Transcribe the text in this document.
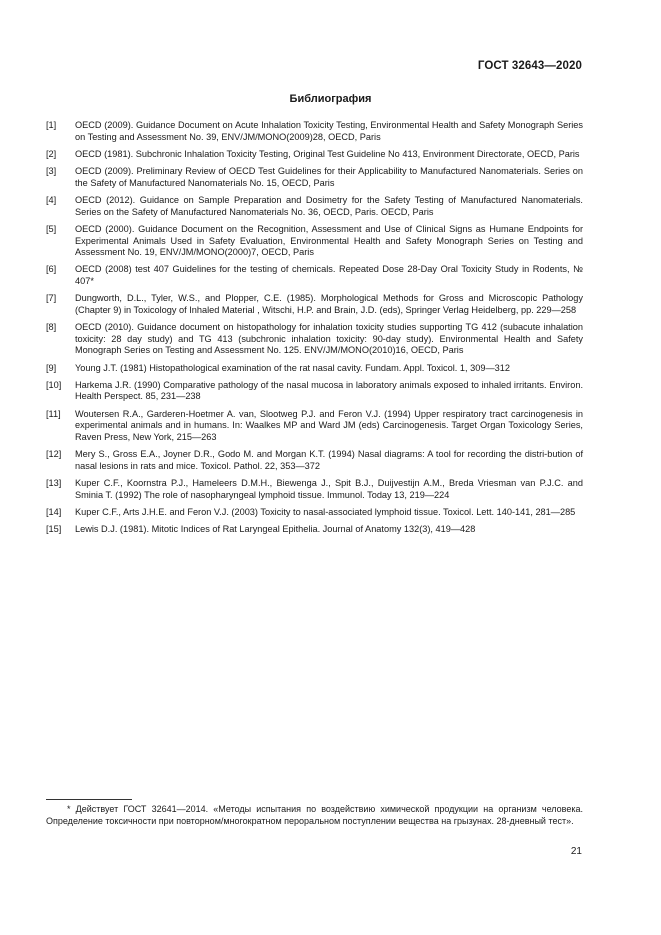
ГОСТ 32643—2020
Библиография
[1] OECD (2009). Guidance Document on Acute Inhalation Toxicity Testing, Environmental Health and Safety Monograph Series on Testing and Assessment No. 39, ENV/JM/MONO(2009)28, OECD, Paris
[2] OECD (1981). Subchronic Inhalation Toxicity Testing, Original Test Guideline No 413, Environment Directorate, OECD, Paris
[3] OECD (2009). Preliminary Review of OECD Test Guidelines for their Applicability to Manufactured Nanomaterials. Series on the Safety of Manufactured Nanomaterials No. 15, OECD, Paris
[4] OECD (2012). Guidance on Sample Preparation and Dosimetry for the Safety Testing of Manufactured Nanomaterials. Series on the Safety of Manufactured Nanomaterials No. 36, OECD, Paris. OECD, Paris
[5] OECD (2000). Guidance Document on the Recognition, Assessment and Use of Clinical Signs as Humane Endpoints for Experimental Animals Used in Safety Evaluation, Environmental Health and Safety Monograph Series on Testing and Assessment No. 19, ENV/JM/MONO(2000)7, OECD, Paris
[6] OECD (2008) test 407 Guidelines for the testing of chemicals. Repeated Dose 28-Day Oral Toxicity Study in Rodents, № 407*
[7] Dungworth, D.L., Tyler, W.S., and Plopper, C.E. (1985). Morphological Methods for Gross and Microscopic Pathology (Chapter 9) in Toxicology of Inhaled Material , Witschi, H.P. and Brain, J.D. (eds), Springer Verlag Heidelberg, pp. 229—258
[8] OECD (2010). Guidance document on histopathology for inhalation toxicity studies supporting TG 412 (subacute inhalation toxicity: 28 day study) and TG 413 (subchronic inhalation toxicity: 90-day study). Environmental Health and Safety Monograph Series on Testing and Assessment No. 125. ENV/JM/MONO(2010)16, OECD, Paris
[9] Young J.T. (1981) Histopathological examination of the rat nasal cavity. Fundam. Appl. Toxicol. 1, 309—312
[10] Harkema J.R. (1990) Comparative pathology of the nasal mucosa in laboratory animals exposed to inhaled irritants. Environ. Health Perspect. 85, 231—238
[11] Woutersen R.A., Garderen-Hoetmer A. van, Slootweg P.J. and Feron V.J. (1994) Upper respiratory tract carcinogenesis in experimental animals and in humans. In: Waalkes MP and Ward JM (eds) Carcinogenesis. Target Organ Toxicology Series, Raven Press, New York, 215—263
[12] Mery S., Gross E.A., Joyner D.R., Godo M. and Morgan K.T. (1994) Nasal diagrams: A tool for recording the distri-bution of nasal lesions in rats and mice. Toxicol. Pathol. 22, 353—372
[13] Kuper C.F., Koornstra P.J., Hameleers D.M.H., Biewenga J., Spit B.J., Duijvestijn A.M., Breda Vriesman van P.J.C. and Sminia T. (1992) The role of nasopharyngeal lymphoid tissue. Immunol. Today 13, 219—224
[14] Kuper C.F., Arts J.H.E. and Feron V.J. (2003) Toxicity to nasal-associated lymphoid tissue. Toxicol. Lett. 140-141, 281—285
[15] Lewis D.J. (1981). Mitotic Indices of Rat Laryngeal Epithelia. Journal of Anatomy 132(3), 419—428
* Действует ГОСТ 32641—2014. «Методы испытания по воздействию химической продукции на организм человека. Определение токсичности при повторном/многократном пероральном поступлении вещества на грызунах. 28-дневный тест».
21
